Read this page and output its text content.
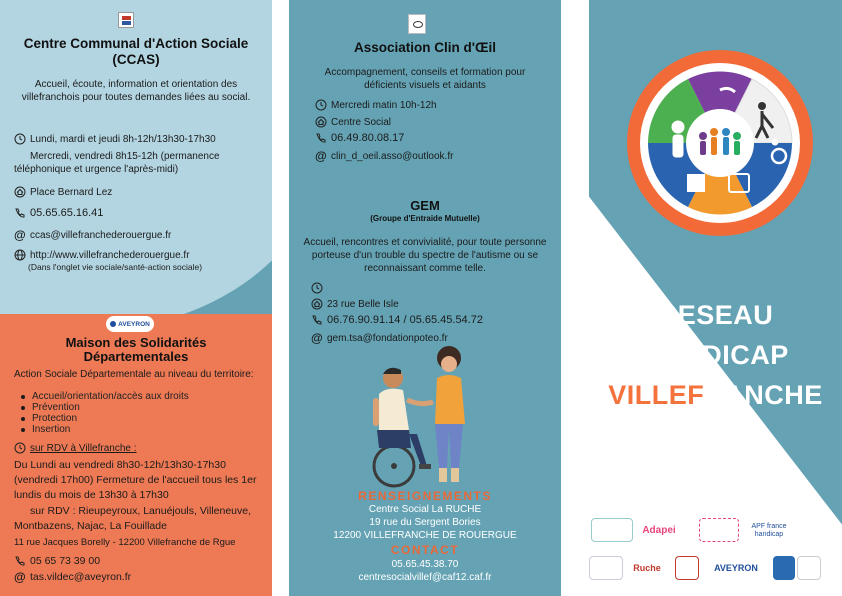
Centre Communal d'Action Sociale (CCAS)
Accueil, écoute, information et orientation des villefranchois pour toutes demandes liées au social.
Lundi, mardi et jeudi 8h-12h/13h30-17h30
Mercredi, vendredi 8h15-12h (permanence téléphonique et urgence l'après-midi)
Place Bernard Lez
05.65.65.16.41
@ ccas@villefranchederouergue.fr
http://www.villefranchederouergue.fr
(Dans l'onglet vie sociale/santé-action sociale)
AVEYRON
Maison des Solidarités Départementales
Action Sociale Départementale au niveau du territoire:
Accueil/orientation/accès aux droits
Prévention
Protection
Insertion
sur RDV à Villefranche :
Du Lundi au vendredi 8h30-12h/13h30-17h30
(vendredi 17h00) Fermeture de l'accueil tous les 1er lundis du mois de 13h30 à 17h30
sur RDV : Rieupeyroux, Lanuéjouls, Villeneuve, Montbazens, Najac, La Fouillade
11 rue Jacques Borelly - 12200 Villefranche de Rgue
05 65 73 39 00
@ tas.vildec@aveyron.fr
Association Clin d'Œil
Accompagnement, conseils et formation pour déficients visuels et aidants
Mercredi matin 10h-12h
Centre Social
06.49.80.08.17
@ clin_d_oeil.asso@outlook.fr
GEM
(Groupe d'Entraide Mutuelle)
Accueil, rencontres et convivialité, pour toute personne porteuse d'un trouble du spectre de l'autisme ou se reconnaissant comme telle.
23 rue Belle Isle
06.76.90.91.14 / 05.65.45.54.72
@ gem.tsa@fondationpoteo.fr
RENSEIGNEMENTS
Centre Social La RUCHE
19 rue du Sergent Bories
12200 VILLEFRANCHE DE ROUERGUE
CONTACT
05.65.45.38.70
centresocialvillef@caf12.caf.fr
RESEAU
HANDICAP
VILLEFRANCHE
Adapei	APF france handicap
Ruche	AVEYRON
